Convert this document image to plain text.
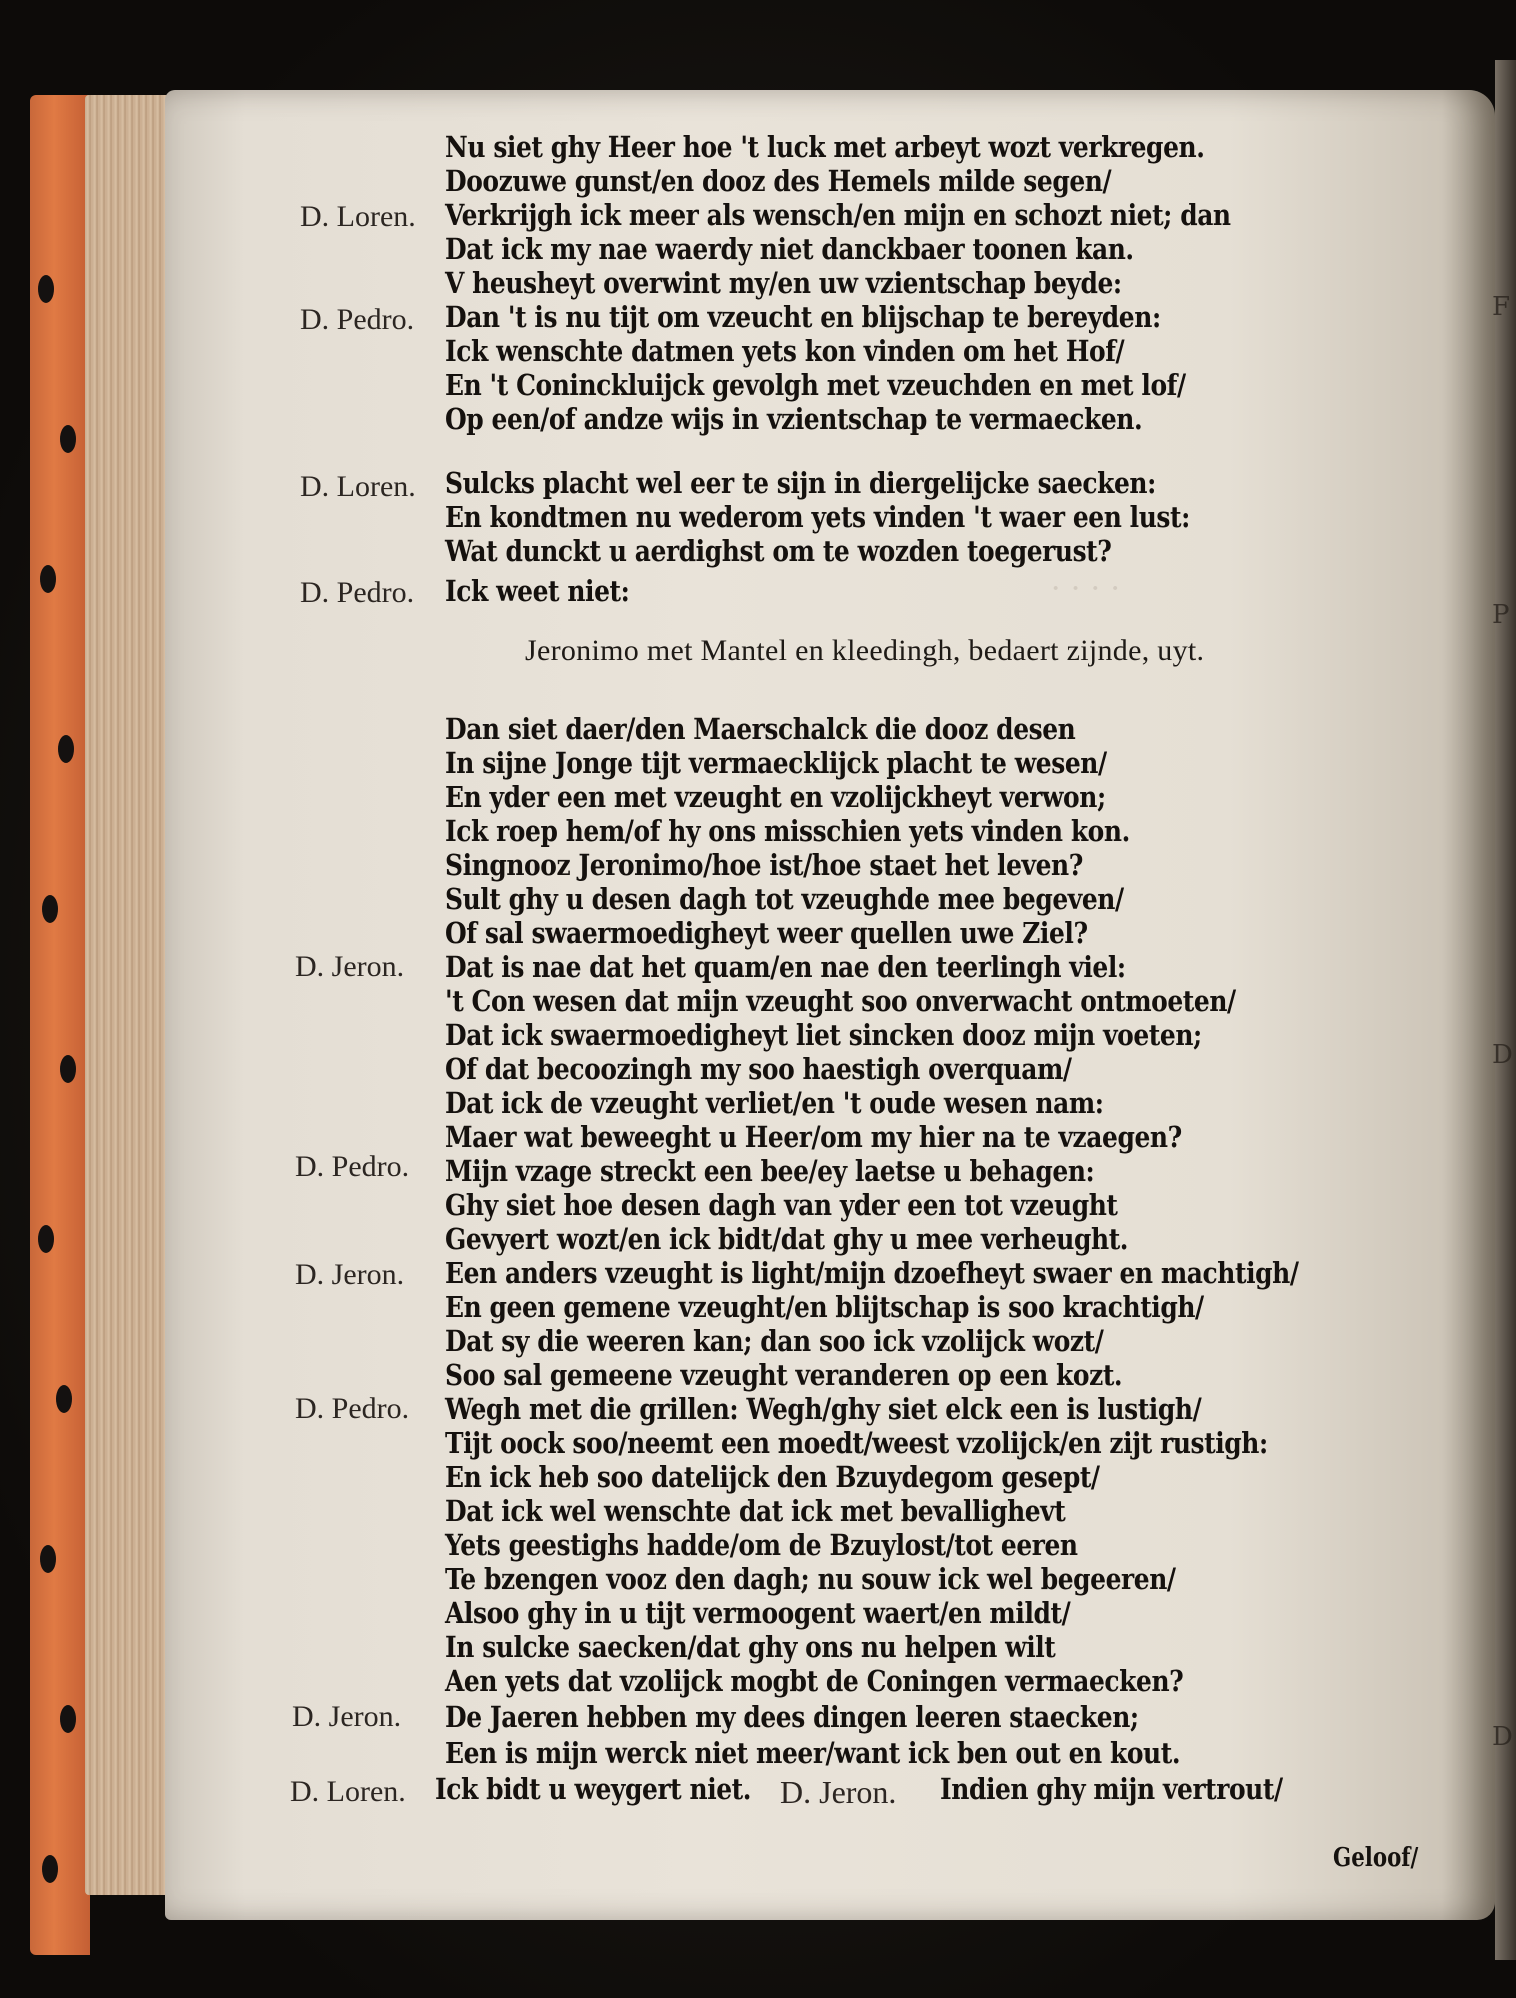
· · · ·
D. Loren.
D. Pedro.
D. Loren.
D. Pedro.
D. Jeron.
D. Pedro.
D. Jeron.
D. Pedro.
D. Jeron.
D. Loren.
Nu siet ghy Heer hoe 't luck met arbeyt wozt verkregen.
Doozuwe gunst/en dooz des Hemels milde segen/
Verkrijgh ick meer als wensch/en mijn en schozt niet; dan
Dat ick my nae waerdy niet danckbaer toonen kan.
V heusheyt overwint my/en uw vzientschap beyde:
Dan 't is nu tijt om vzeucht en blijschap te bereyden:
Ick wenschte datmen yets kon vinden om het Hof/
En 't Coninckluijck gevolgh met vzeuchden en met lof/
Op een/of andze wijs in vzientschap te vermaecken.
Sulcks placht wel eer te sijn in diergelijcke saecken:
En kondtmen nu wederom yets vinden 't waer een lust:
Wat dunckt u aerdighst om te wozden toegerust?
Ick weet niet:
Jeronimo met Mantel en kleedingh, bedaert zijnde, uyt.
Dan siet daer/den Maerschalck die dooz desen
In sijne Jonge tijt vermaecklijck placht te wesen/
En yder een met vzeught en vzolijckheyt verwon;
Ick roep hem/of hy ons misschien yets vinden kon.
Singnooz Jeronimo/hoe ist/hoe staet het leven?
Sult ghy u desen dagh tot vzeughde mee begeven/
Of sal swaermoedigheyt weer quellen uwe Ziel?
Dat is nae dat het quam/en nae den teerlingh viel:
't Con wesen dat mijn vzeught soo onverwacht ontmoeten/
Dat ick swaermoedigheyt liet sincken dooz mijn voeten;
Of dat becoozingh my soo haestigh overquam/
Dat ick de vzeught verliet/en 't oude wesen nam:
Maer wat beweeght u Heer/om my hier na te vzaegen?
Mijn vzage streckt een bee/ey laetse u behagen:
Ghy siet hoe desen dagh van yder een tot vzeught
Gevyert wozt/en ick bidt/dat ghy u mee verheught.
Een anders vzeught is light/mijn dzoefheyt swaer en machtigh/
En geen gemene vzeught/en blijtschap is soo krachtigh/
Dat sy die weeren kan; dan soo ick vzolijck wozt/
Soo sal gemeene vzeught veranderen op een kozt.
Wegh met die grillen: Wegh/ghy siet elck een is lustigh/
Tijt oock soo/neemt een moedt/weest vzolijck/en zijt rustigh:
En ick heb soo datelijck den Bzuydegom gesept/
Dat ick wel wenschte dat ick met bevallighevt
Yets geestighs hadde/om de Bzuylost/tot eeren
Te bzengen vooz den dagh; nu souw ick wel begeeren/
Alsoo ghy in u tijt vermoogent waert/en mildt/
In sulcke saecken/dat ghy ons nu helpen wilt
Aen yets dat vzolijck mogbt de Coningen vermaecken?
De Jaeren hebben my dees dingen leeren staecken;
Een is mijn werck niet meer/want ick ben out en kout.
Ick bidt u weygert niet. D. Jeron. Indien ghy mijn vertrout/
Geloof/
F
P
D
D
